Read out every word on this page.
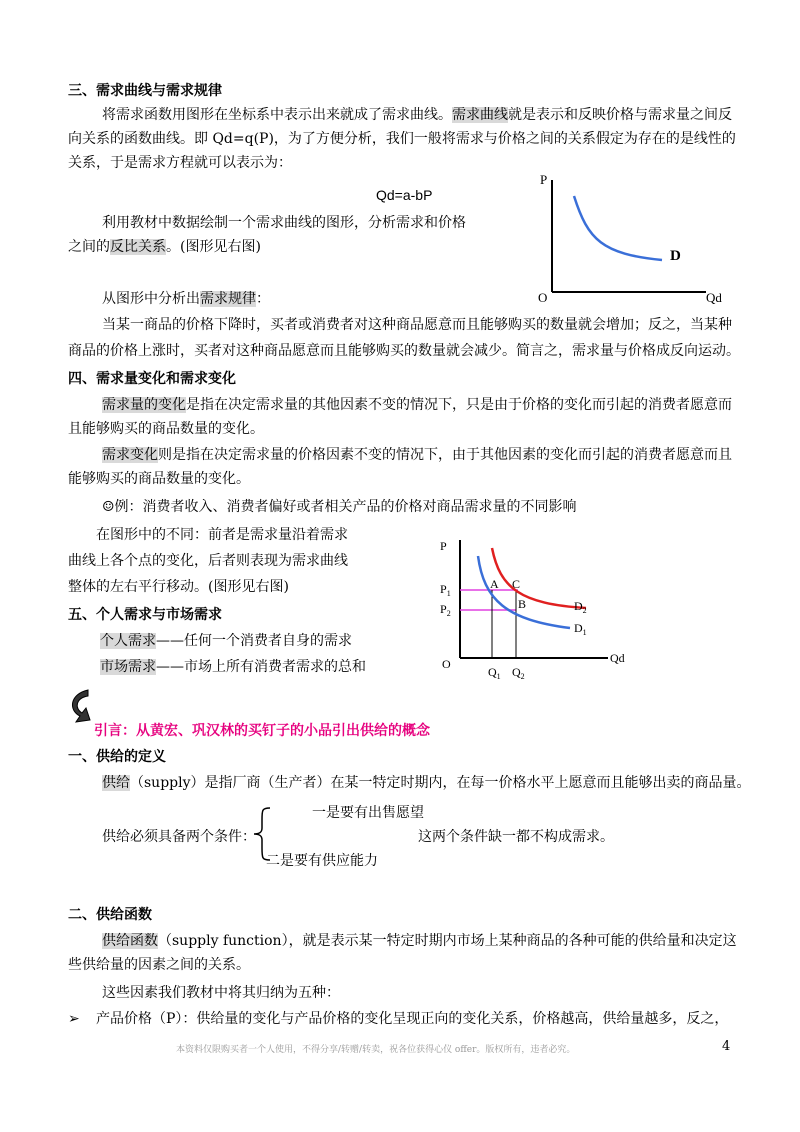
三、需求曲线与需求规律
将需求函数用图形在坐标系中表示出来就成了需求曲线。需求曲线就是表示和反映价格与需求量之间反
向关系的函数曲线。即 Qd=q(P)，为了方便分析，我们一般将需求与价格之间的关系假定为存在的是线性的
关系，于是需求方程就可以表示为：
Qd=a-bP
利用教材中数据绘制一个需求曲线的图形，分析需求和价格
之间的反比关系。(图形见右图)
从图形中分析出需求规律：
当某一商品的价格下降时，买者或消费者对这种商品愿意而且能够购买的数量就会增加；反之，当某种
商品的价格上涨时，买者对这种商品愿意而且能够购买的数量就会减少。简言之，需求量与价格成反向运动。
P
O	Qd
D
四、需求量变化和需求变化
需求量的变化是指在决定需求量的其他因素不变的情况下，只是由于价格的变化而引起的消费者愿意而
且能够购买的商品数量的变化。
需求变化则是指在决定需求量的价格因素不变的情况下，由于其他因素的变化而引起的消费者愿意而且
能够购买的商品数量的变化。
☺例：消费者收入、消费者偏好或者相关产品的价格对商品需求量的不同影响
在图形中的不同：前者是需求量沿着需求
曲线上各个点的变化，后者则表现为需求曲线
整体的左右平行移动。(图形见右图)
P
O	Qd
$P_1$
$P_2$
$Q_1$ $Q_2$
A C
B	$D_2$
$D_1$
五、个人需求与市场需求
个人需求——任何一个消费者自身的需求
市场需求——市场上所有消费者需求的总和
引言：从黄宏、巩汉林的买钉子的小品引出供给的概念
一、供给的定义
供给（supply）是指厂商（生产者）在某一特定时期内，在每一价格水平上愿意而且能够出卖的商品量。
一是要有出售愿望
供给必须具备两个条件：	这两个条件缺一都不构成需求。
二是要有供应能力
二、供给函数
供给函数（supply function），就是表示某一特定时期内市场上某种商品的各种可能的供给量和决定这
些供给量的因素之间的关系。
这些因素我们教材中将其归纳为五种：
➢ 产品价格（P）：供给量的变化与产品价格的变化呈现正向的变化关系，价格越高，供给量越多，反之，
本资料仅限购买者一个人使用，不得分享/转赠/转卖，祝各位获得心仪 offer。版权所有，违者必究。	4
